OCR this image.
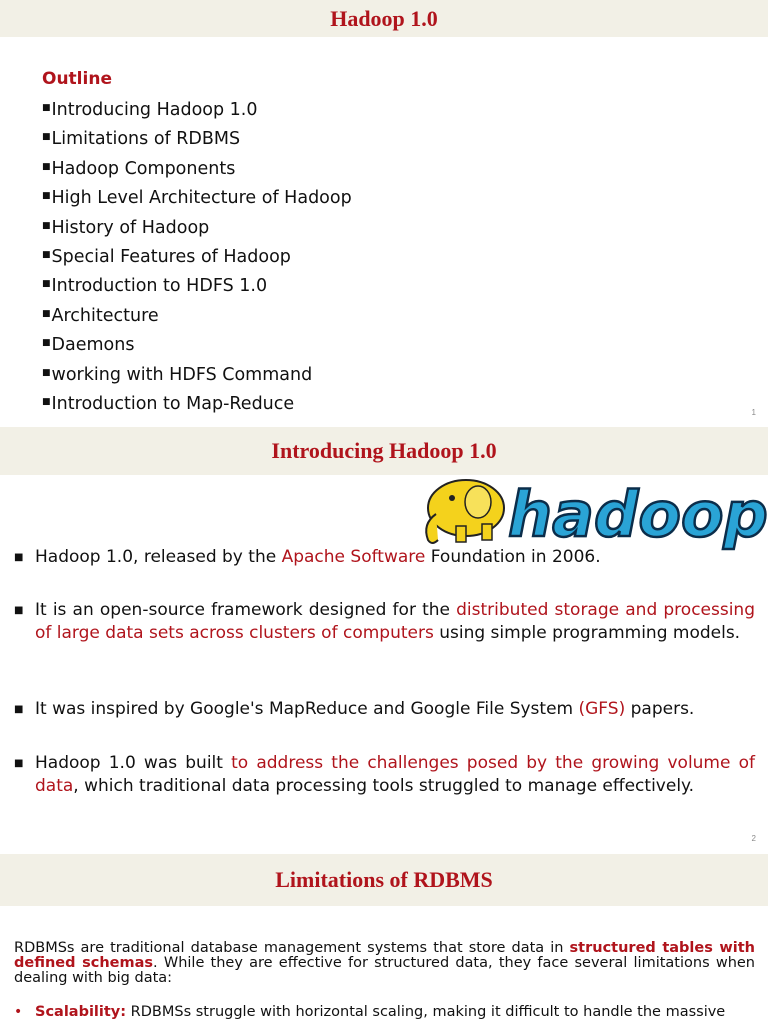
Hadoop 1.0
Outline
■Introducing Hadoop 1.0
■Limitations of RDBMS
■Hadoop Components
■High Level Architecture of Hadoop
■History of Hadoop
■Special Features of Hadoop
■Introduction to HDFS 1.0
■Architecture
■Daemons
■working with HDFS Command
■Introduction to Map-Reduce	1
Introducing Hadoop 1.0
hadoop
■ Hadoop 1.0, released by the Apache Software Foundation in 2006.
■ It is an open-source framework designed for the distributed storage and processing of large data sets across clusters of computers using simple programming models.
■ It was inspired by Google's MapReduce and Google File System (GFS) papers.
■ Hadoop 1.0 was built to address the challenges posed by the growing volume of data, which traditional data processing tools struggled to manage effectively.
2
Limitations of RDBMS
RDBMSs are traditional database management systems that store data in structured tables with defined schemas. While they are effective for structured data, they face several limitations when dealing with big data:
• Scalability: RDBMSs struggle with horizontal scaling, making it difficult to handle the massive
